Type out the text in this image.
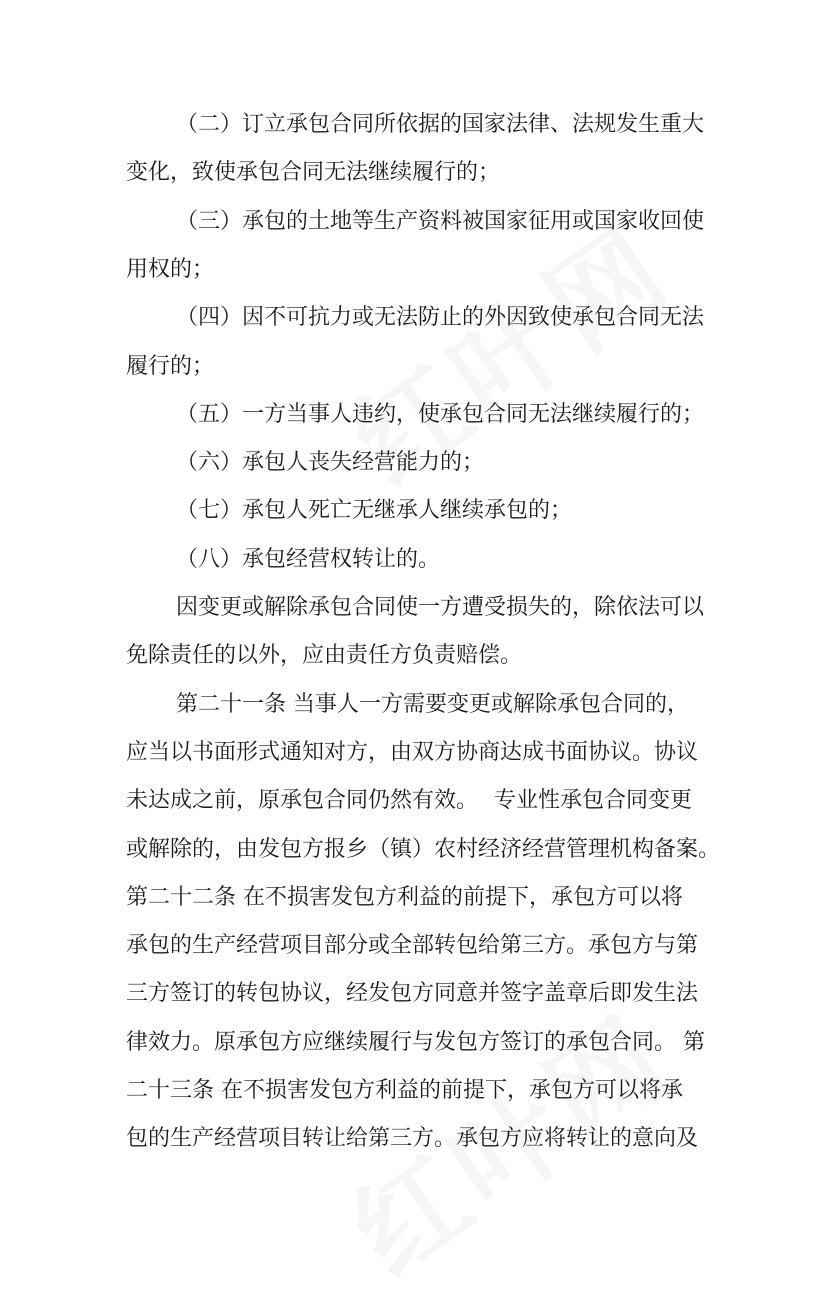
（二）订立承包合同所依据的国家法律、法规发生重大
变化，致使承包合同无法继续履行的；
（三）承包的土地等生产资料被国家征用或国家收回使
用权的；
（四）因不可抗力或无法防止的外因致使承包合同无法
履行的；
（五）一方当事人违约，使承包合同无法继续履行的；
（六）承包人丧失经营能力的；
（七）承包人死亡无继承人继续承包的；
（八）承包经营权转让的。
因变更或解除承包合同使一方遭受损失的，除依法可以
免除责任的以外，应由责任方负责赔偿。
第二十一条 当事人一方需要变更或解除承包合同的，
应当以书面形式通知对方，由双方协商达成书面协议。协议
未达成之前，原承包合同仍然有效。 专业性承包合同变更
或解除的，由发包方报乡（镇）农村经济经营管理机构备案。
第二十二条 在不损害发包方利益的前提下，承包方可以将
承包的生产经营项目部分或全部转包给第三方。承包方与第
三方签订的转包协议，经发包方同意并签字盖章后即发生法
律效力。原承包方应继续履行与发包方签订的承包合同。 第
二十三条 在不损害发包方利益的前提下，承包方可以将承
包的生产经营项目转让给第三方。承包方应将转让的意向及
